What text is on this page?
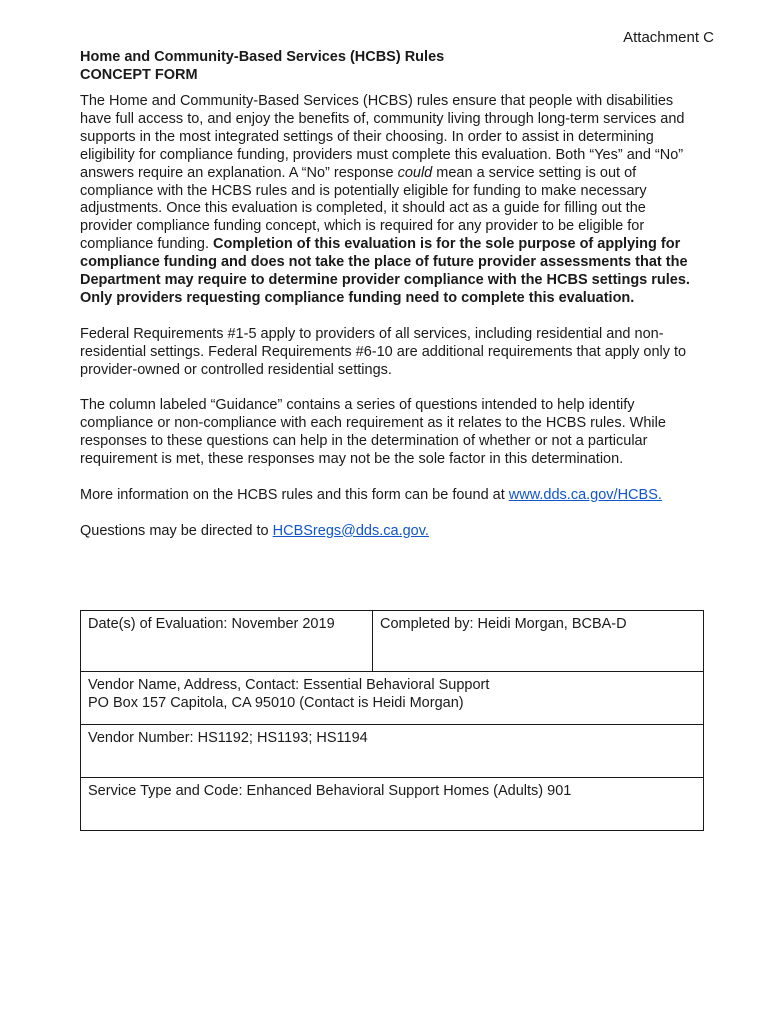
Attachment C
Home and Community-Based Services (HCBS) Rules
CONCEPT FORM

The Home and Community-Based Services (HCBS) rules ensure that people with disabilities have full access to, and enjoy the benefits of, community living through long-term services and supports in the most integrated settings of their choosing. In order to assist in determining eligibility for compliance funding, providers must complete this evaluation. Both “Yes” and “No” answers require an explanation. A “No” response could mean a service setting is out of compliance with the HCBS rules and is potentially eligible for funding to make necessary adjustments. Once this evaluation is completed, it should act as a guide for filling out the provider compliance funding concept, which is required for any provider to be eligible for compliance funding. Completion of this evaluation is for the sole purpose of applying for compliance funding and does not take the place of future provider assessments that the Department may require to determine provider compliance with the HCBS settings rules. Only providers requesting compliance funding need to complete this evaluation.

Federal Requirements #1-5 apply to providers of all services, including residential and non-residential settings. Federal Requirements #6-10 are additional requirements that apply only to provider-owned or controlled residential settings.

The column labeled “Guidance” contains a series of questions intended to help identify compliance or non-compliance with each requirement as it relates to the HCBS rules. While responses to these questions can help in the determination of whether or not a particular requirement is met, these responses may not be the sole factor in this determination.

More information on the HCBS rules and this form can be found at www.dds.ca.gov/HCBS.

Questions may be directed to HCBSregs@dds.ca.gov.

Date(s) of Evaluation: November 2019	Completed by: Heidi Morgan, BCBA-D

Vendor Name, Address, Contact: Essential Behavioral Support
PO Box 157 Capitola, CA 95010 (Contact is Heidi Morgan)

Vendor Number: HS1192; HS1193; HS1194
Service Type and Code: Enhanced Behavioral Support Homes (Adults) 901
